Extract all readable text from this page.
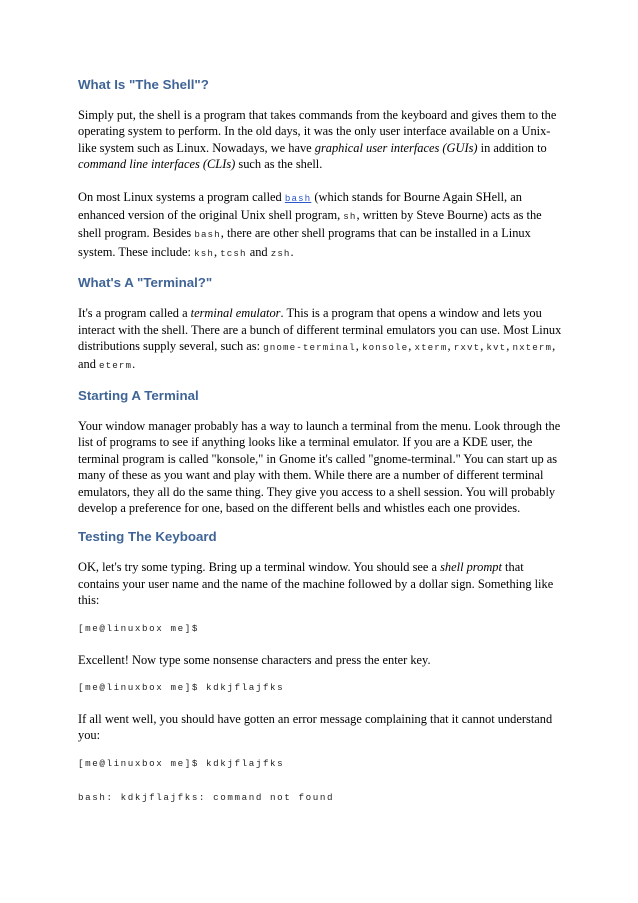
What Is "The Shell"?

Simply put, the shell is a program that takes commands from the keyboard and gives them to the operating system to perform. In the old days, it was the only user interface available on a Unix-like system such as Linux. Nowadays, we have graphical user interfaces (GUIs) in addition to command line interfaces (CLIs) such as the shell.

On most Linux systems a program called bash (which stands for Bourne Again SHell, an enhanced version of the original Unix shell program, sh, written by Steve Bourne) acts as the shell program. Besides bash, there are other shell programs that can be installed in a Linux system. These include: ksh, tcsh and zsh.

What's A "Terminal?"

It's a program called a terminal emulator. This is a program that opens a window and lets you interact with the shell. There are a bunch of different terminal emulators you can use. Most Linux distributions supply several, such as: gnome-terminal, konsole, xterm, rxvt, kvt, nxterm, and eterm.

Starting A Terminal

Your window manager probably has a way to launch a terminal from the menu. Look through the list of programs to see if anything looks like a terminal emulator. If you are a KDE user, the terminal program is called "konsole," in Gnome it's called "gnome-terminal." You can start up as many of these as you want and play with them. While there are a number of different terminal emulators, they all do the same thing. They give you access to a shell session. You will probably develop a preference for one, based on the different bells and whistles each one provides.

Testing The Keyboard

OK, let's try some typing. Bring up a terminal window. You should see a shell prompt that contains your user name and the name of the machine followed by a dollar sign. Something like this:

[me@linuxbox me]$

Excellent! Now type some nonsense characters and press the enter key.

[me@linuxbox me]$ kdkjflajfks

If all went well, you should have gotten an error message complaining that it cannot understand you:

[me@linuxbox me]$ kdkjflajfks
bash: kdkjflajfks: command not found
